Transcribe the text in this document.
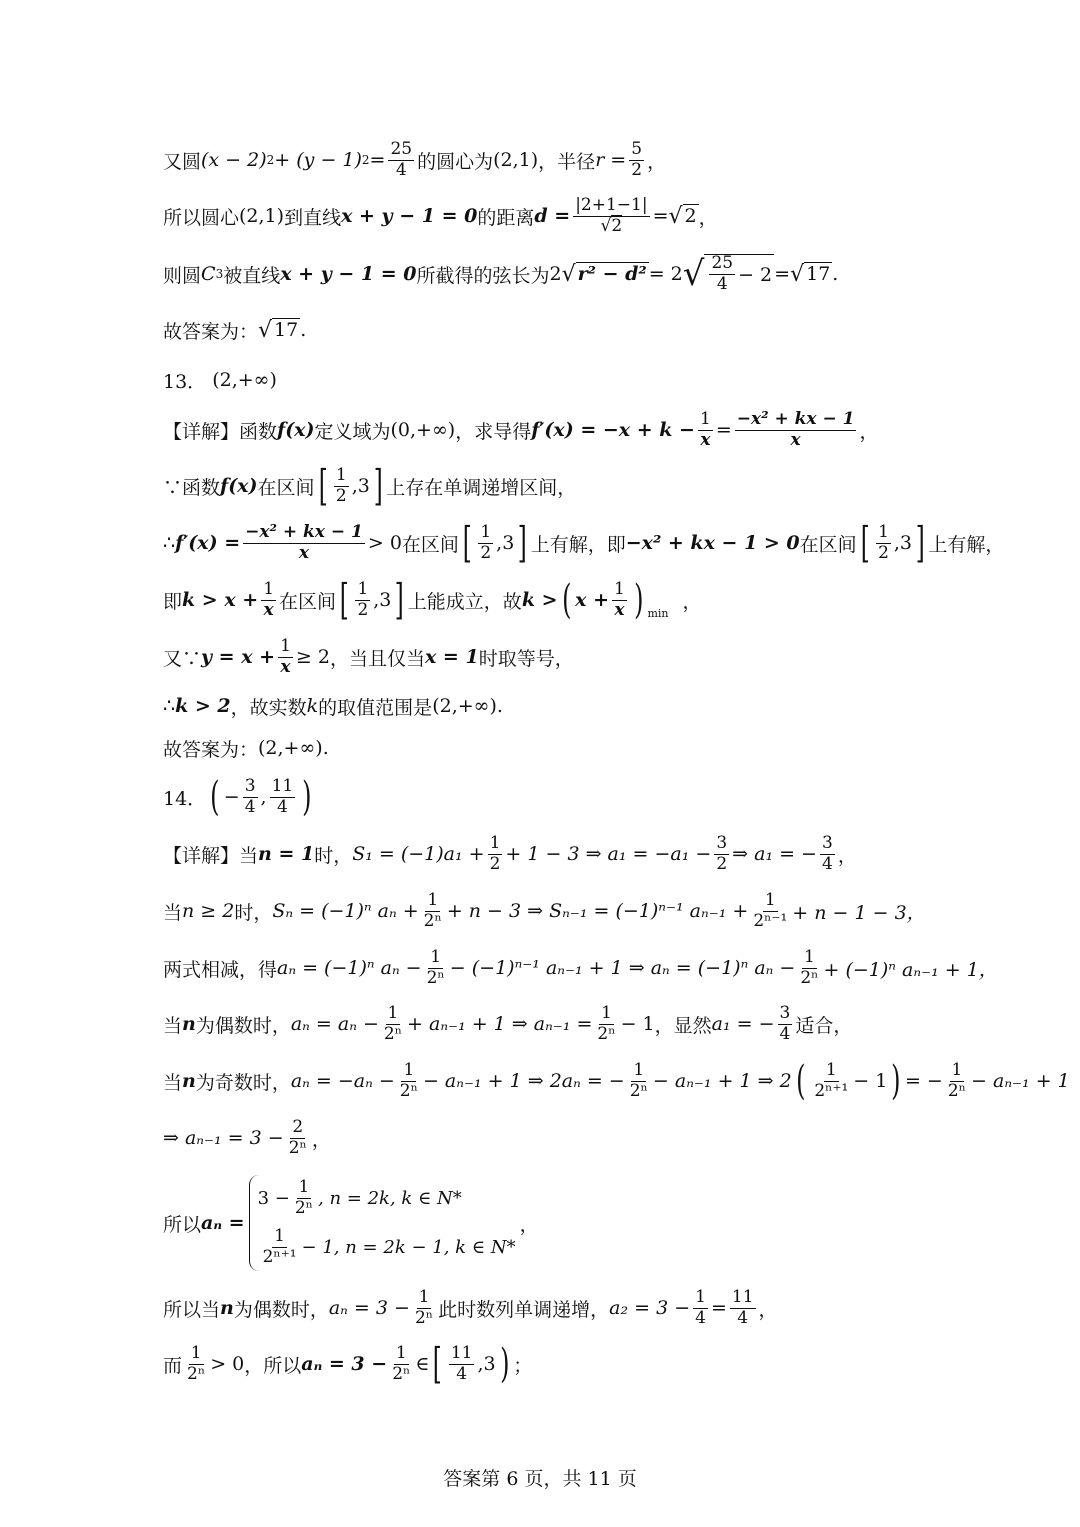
又圆 (x − 2) 2 + (y − 1) $2 = \frac{25}{4}$ 的圆心为 (2,1) ，半径 $r = \frac{5}{2}$ ，
所以圆心 (2,1) 到直线 x + y − 1 = 0 的距离 $d = \frac{|2+1-1|}{√2}$ = √ 2 ，
则圆 C 3 被直线 x + y − 1 = 0 所截得的弦长为 2 √ r² − d² = 2 √ $\frac{25}{4} - 2$ = √ 17 .
故答案为： √ 17 .
13． (2,+∞)
【详解】函数 f(x) 定义域为 (0,+∞) ，求导得 $f'(x) = -x + k - \frac{1}{x} = \frac{\text{−x² + kx − 1}}{x}$ ，
∵函数 f(x) 在区间 [ $\frac{1}{2} ,3$ ] 上存在单调递增区间，
∴ $f'(x) = \frac{\text{−x² + kx − 1}}{x} > 0$ 在区间 [ $\frac{1}{2} ,3$ ] 上有解，即 −x² + kx − 1 > 0 在区间 [ $\frac{1}{2} ,3$ ] 上有解，
即 $k > x + \frac{1}{x}$ 在区间 [ $\frac{1}{2} ,3$ ] 上能成立，故 k > ( $x + \frac{1}{x}$ ) min
，
又∵ $y = x + \frac{1}{x} \ge 2$ ，当且仅当 x = 1 时取等号，
∴ k > 2 ，故实数 k 的取值范围是 (2,+∞) .
故答案为： (2,+∞) .
14． ( − $\frac{3}{4}$ , $\frac{11}{4}$ )
【详解】当 n = 1 时， $S_1 = (-1)a_1 + \frac{1}{2} + 1 - 3$ ⇒ $a_1 = -a_1 - \frac{3}{2}$ ⇒ a₁ = − $\frac{3}{4}$ ，
当 n ≥ 2 时， Sₙ = (−1)ⁿ $a_n + \frac{1}{\text{2ⁿ}} + n - 3$ ⇒ Sₙ₋₁ = (−1)ⁿ⁻¹ $a_{n-1} + \frac{1}{\text{2ⁿ⁻¹}} + n - 1 - 3$，
两式相减，得 aₙ = (−1)ⁿ $a_n - \frac{1}{\text{2ⁿ}} - (-1)^{n-1}$ aₙ₋₁ + 1 ⇒ aₙ = (−1)ⁿ $a_n - \frac{1}{\text{2ⁿ}} + (-1)^n$ aₙ₋₁ + 1，
当 n 为偶数时， $a_n = a_n - \frac{1}{\text{2ⁿ}} + a_{n-1} + 1$ ⇒ $a_{n-1} = \frac{1}{\text{2ⁿ}} - 1$ ，显然 a₁ = − $\frac{3}{4}$ 适合，
当 n 为奇数时， $a_n = -a_n - \frac{1}{\text{2ⁿ}} - a_{n-1} + 1$ ⇒ 2aₙ = − $\frac{1}{\text{2ⁿ}} - a_{n-1} + 1$ ⇒ 2 ( $\frac{1}{\text{2ⁿ⁺¹}} - 1$ ) = − $\frac{1}{\text{2ⁿ}} - a_{n-1} + 1$
⇒ $a_{n-1} = 3 - \frac{2}{\text{2ⁿ}}$ ，
所以 aₙ =
$3 - \frac{1}{\text{2ⁿ}}$ , n = 2k, k ∈ N*
$\frac{1}{\text{2ⁿ⁺¹}} - 1$, n = 2k − 1, k ∈ N*
，
所以当 n 为偶数时， $a_n = 3 - \frac{1}{\text{2ⁿ}}$ 此时数列单调递增， $a_2 = 3 - \frac{1}{4} = \frac{11}{4}$ ，
而 $\frac{1}{\text{2ⁿ}} > 0$ ，所以 $a_n = 3 - \frac{1}{\text{2ⁿ}}$ ∈ [ $\frac{11}{4} ,3$ ) ；
答案第 6 页，共 11 页
